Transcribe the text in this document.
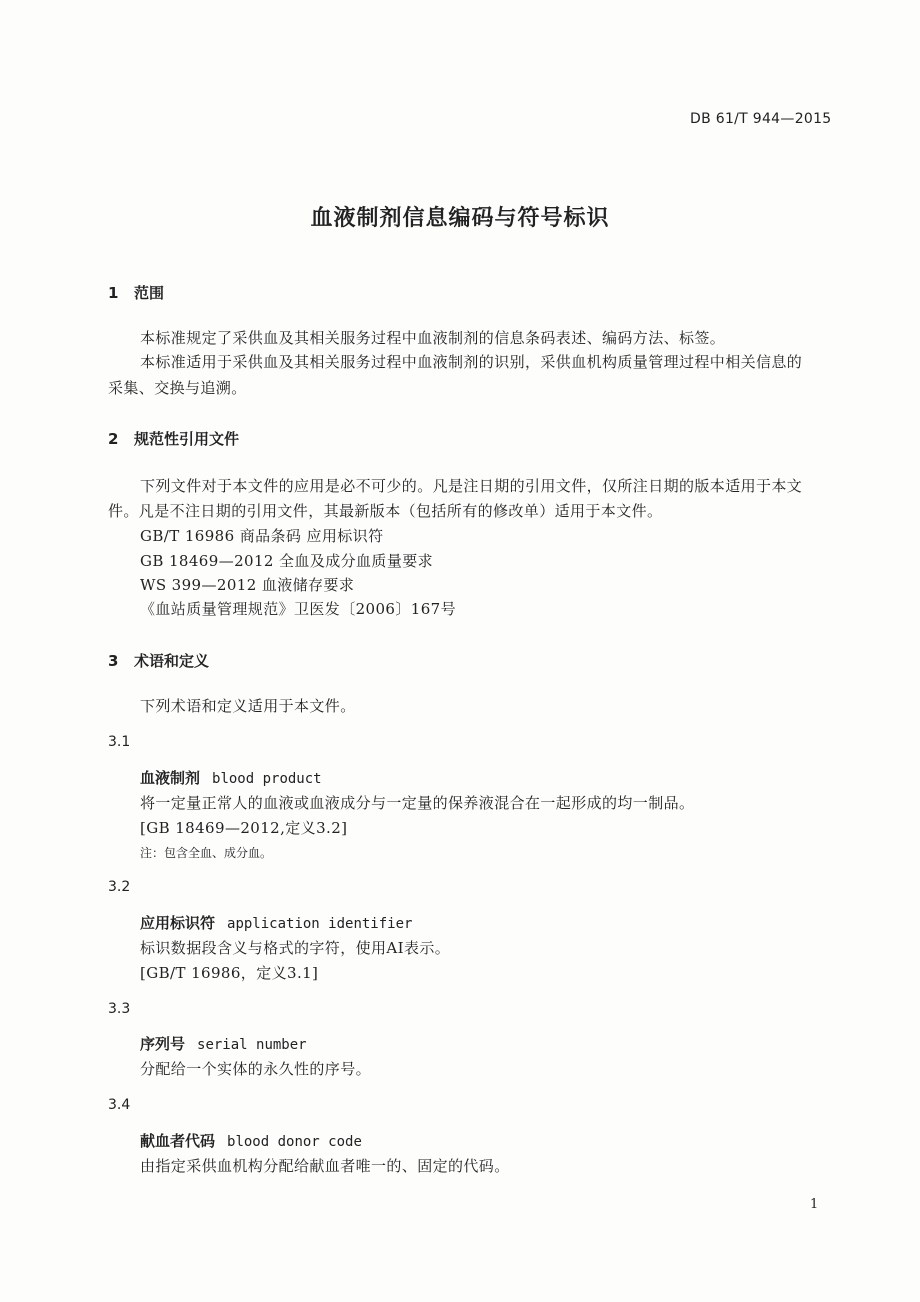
DB 61/T 944—2015
血液制剂信息编码与符号标识
1 范围
本标准规定了采供血及其相关服务过程中血液制剂的信息条码表述、编码方法、标签。
本标准适用于采供血及其相关服务过程中血液制剂的识别，采供血机构质量管理过程中相关信息的
采集、交换与追溯。
2 规范性引用文件
下列文件对于本文件的应用是必不可少的。凡是注日期的引用文件，仅所注日期的版本适用于本文
件。凡是不注日期的引用文件，其最新版本（包括所有的修改单）适用于本文件。
GB/T 16986 商品条码 应用标识符
GB 18469—2012 全血及成分血质量要求
WS 399—2012 血液储存要求
《血站质量管理规范》卫医发〔2006〕167号
3 术语和定义
下列术语和定义适用于本文件。
3.1
血液制剂 blood product
将一定量正常人的血液或血液成分与一定量的保养液混合在一起形成的均一制品。
[GB 18469—2012,定义3.2]
注：包含全血、成分血。
3.2
应用标识符 application identifier
标识数据段含义与格式的字符，使用AI表示。
[GB/T 16986，定义3.1]
3.3
序列号 serial number
分配给一个实体的永久性的序号。
3.4
献血者代码 blood donor code
由指定采供血机构分配给献血者唯一的、固定的代码。
1
